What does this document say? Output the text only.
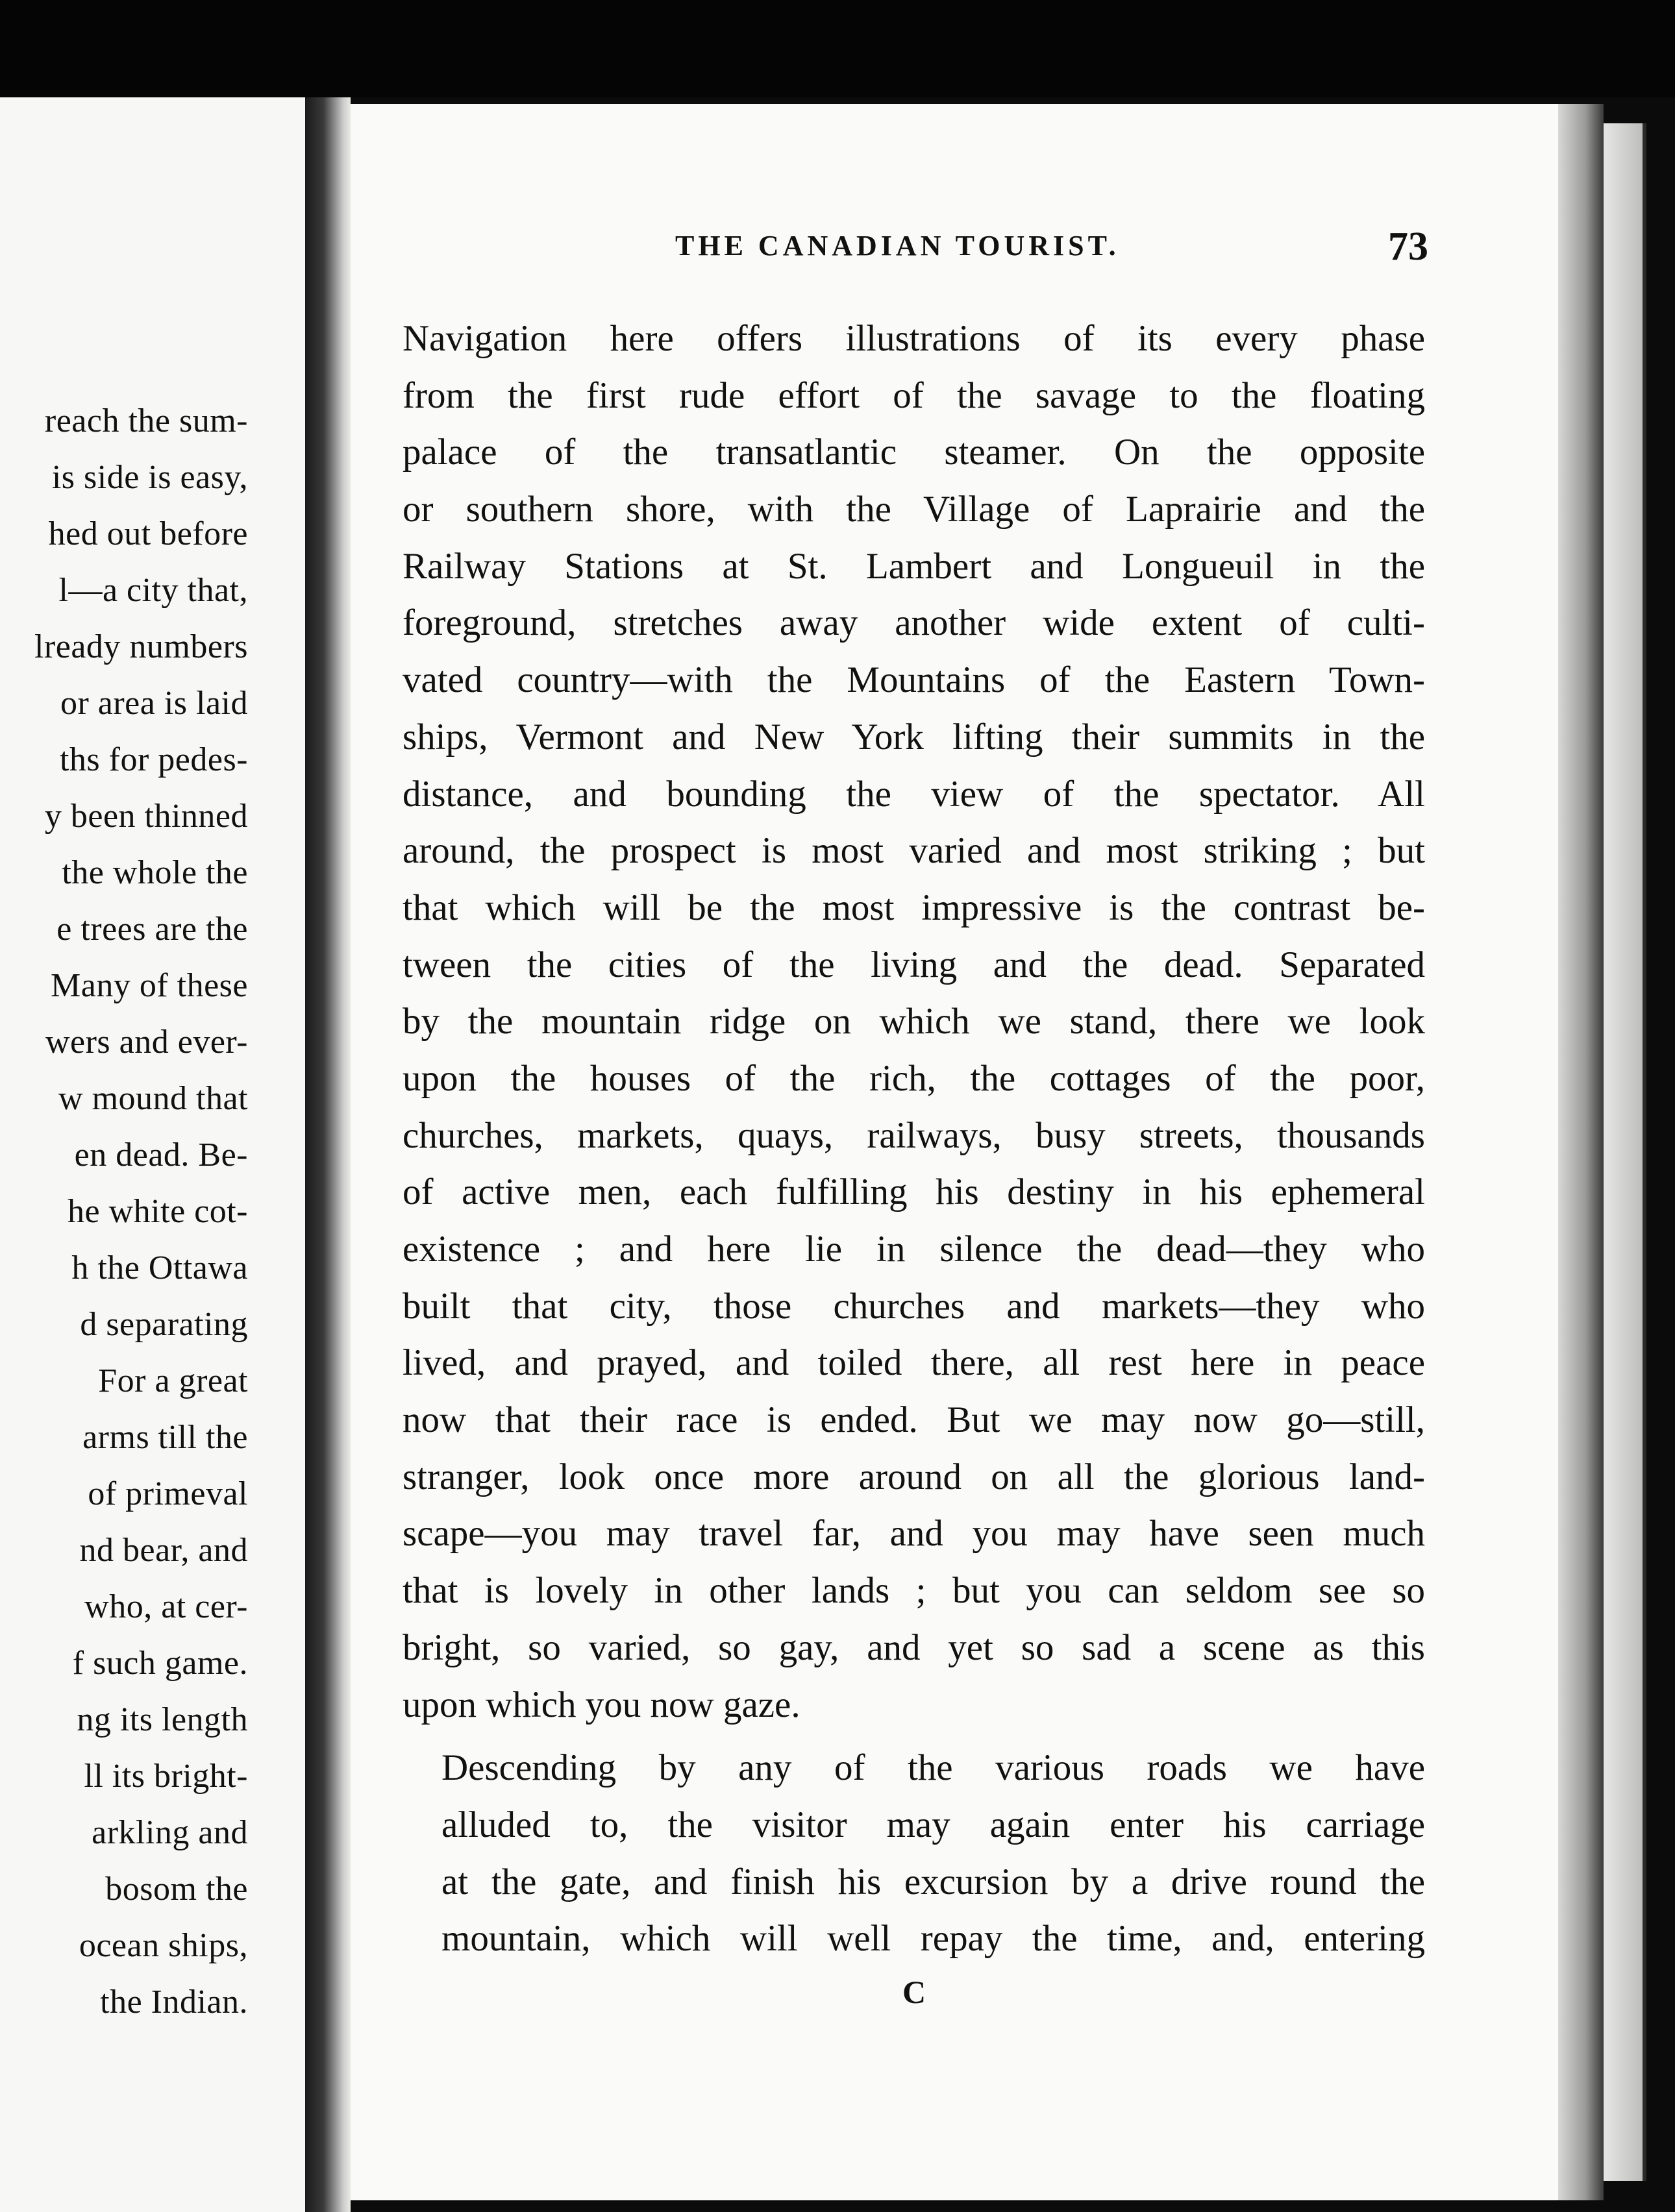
reach the sum-
is side is easy,
hed out before
l—a city that,
lready numbers
or area is laid
ths for pedes-
y been thinned
the whole the
e trees are the
Many of these
wers and ever-
w mound that
en dead. Be-
he white cot-
h the Ottawa
d separating
For a great
arms till the
of primeval
nd bear, and
who, at cer-
f such game.
ng its length
ll its bright-
arkling and
bosom the
ocean ships,
the Indian.
THE CANADIAN TOURIST.	73
Navigation here offers illustrations of its every phase
from the first rude effort of the savage to the floating
palace of the transatlantic steamer. On the opposite
or southern shore, with the Village of Laprairie and the
Railway Stations at St. Lambert and Longueuil in the
foreground, stretches away another wide extent of culti-
vated country—with the Mountains of the Eastern Town-
ships, Vermont and New York lifting their summits in the
distance, and bounding the view of the spectator. All
around, the prospect is most varied and most striking ; but
that which will be the most impressive is the contrast be-
tween the cities of the living and the dead. Separated
by the mountain ridge on which we stand, there we look
upon the houses of the rich, the cottages of the poor,
churches, markets, quays, railways, busy streets, thousands
of active men, each fulfilling his destiny in his ephemeral
existence ; and here lie in silence the dead—they who
built that city, those churches and markets—they who
lived, and prayed, and toiled there, all rest here in peace
now that their race is ended. But we may now go—still,
stranger, look once more around on all the glorious land-
scape—you may travel far, and you may have seen much
that is lovely in other lands ; but you can seldom see so
bright, so varied, so gay, and yet so sad a scene as this
upon which you now gaze.
Descending by any of the various roads we have
alluded to, the visitor may again enter his carriage
at the gate, and finish his excursion by a drive round the
mountain, which will well repay the time, and, entering
C
